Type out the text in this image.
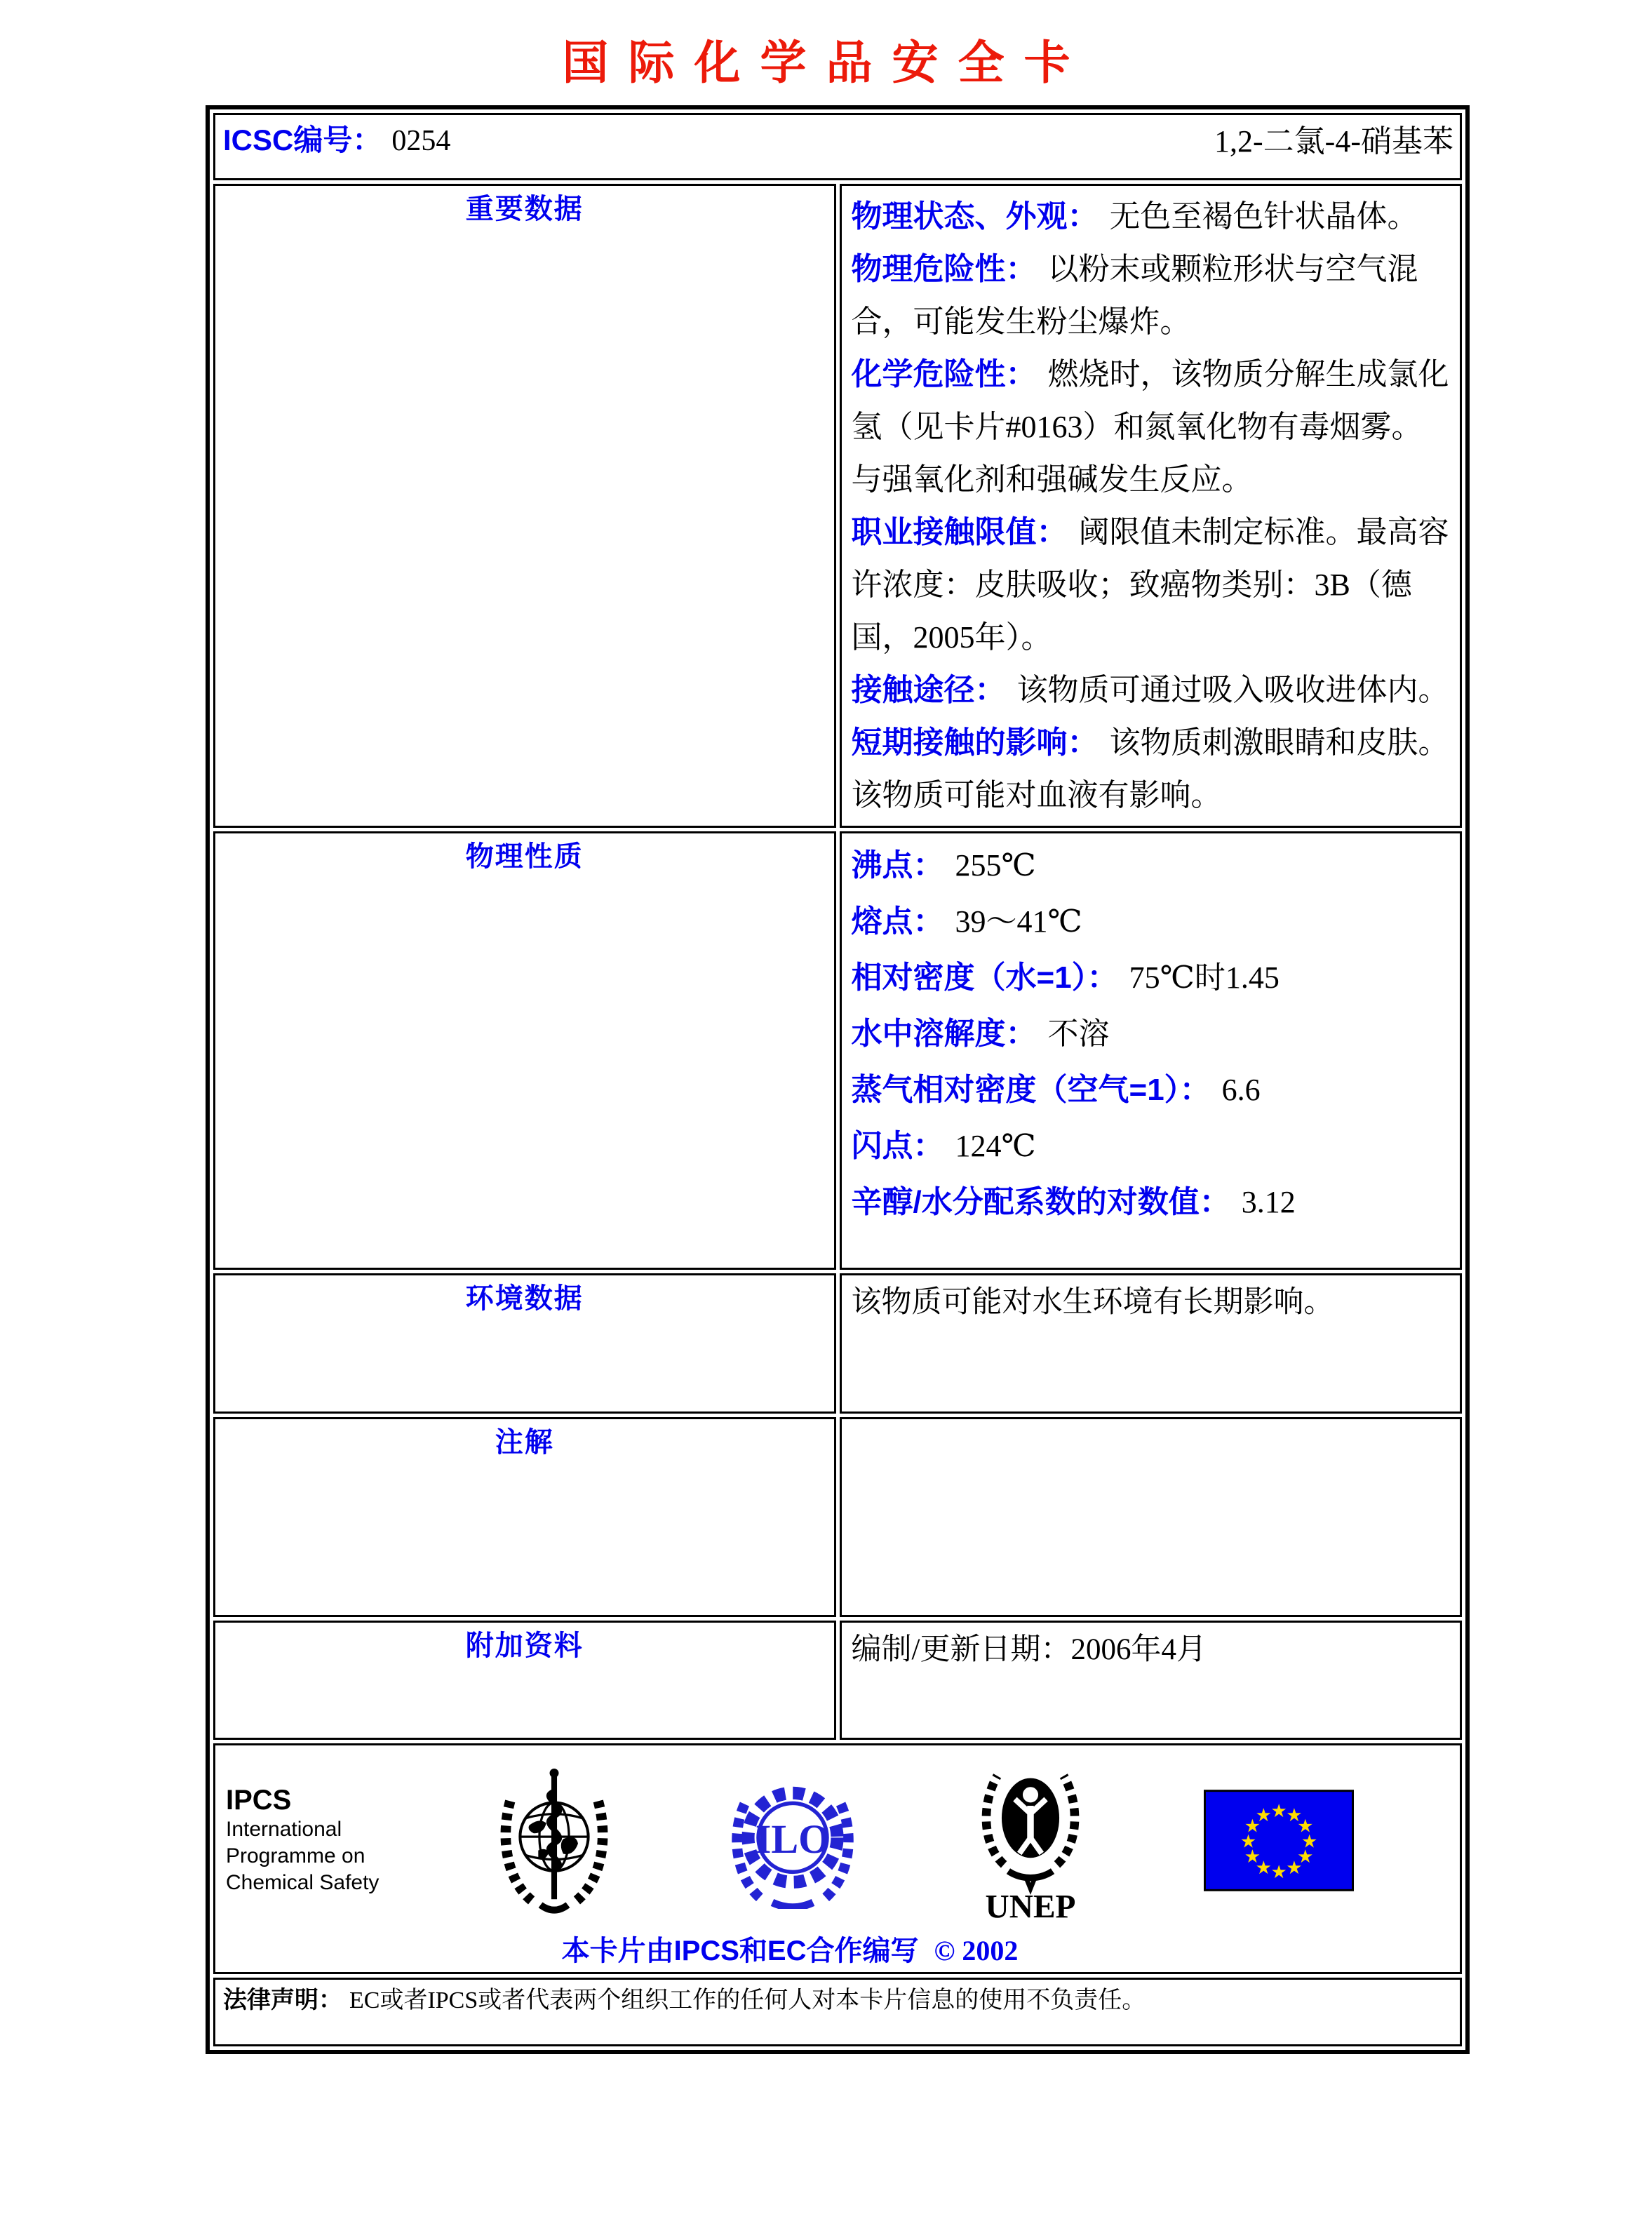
国际化学品安全卡
ICSC编号： 0254 1,2-二氯-4-硝基苯	

重要数据	物理状态、外观： 无色至褐色针状晶体。
物理危险性： 以粉末或颗粒形状与空气混合，可能发生粉尘爆炸。
化学危险性： 燃烧时，该物质分解生成氯化氢（见卡片#0163）和氮氧化物有毒烟雾。与强氧化剂和强碱发生反应。
职业接触限值： 阈限值未制定标准。最高容许浓度：皮肤吸收；致癌物类别：3B（德国，2005年）。
接触途径： 该物质可通过吸入吸收进体内。
短期接触的影响： 该物质刺激眼睛和皮肤。该物质可能对血液有影响。

物理性质	沸点： 255℃
熔点： 39～41℃
相对密度（水=1）： 75℃时1.45
水中溶解度： 不溶
蒸气相对密度（空气=1）： 6.6
闪点： 124℃
辛醇/水分配系数的对数值： 3.12

环境数据	该物质可能对水生环境有长期影响。

注解	

附加资料	编制/更新日期：2006年4月

IPCS
International
Programme on
Chemical Safety
ILO
UNEP
★
★
★
★
★
★
★
★
★
★
★
★
本卡片由IPCS和EC合作编写 © 2002

法律声明： EC或者IPCS或者代表两个组织工作的任何人对本卡片信息的使用不负责任。	
